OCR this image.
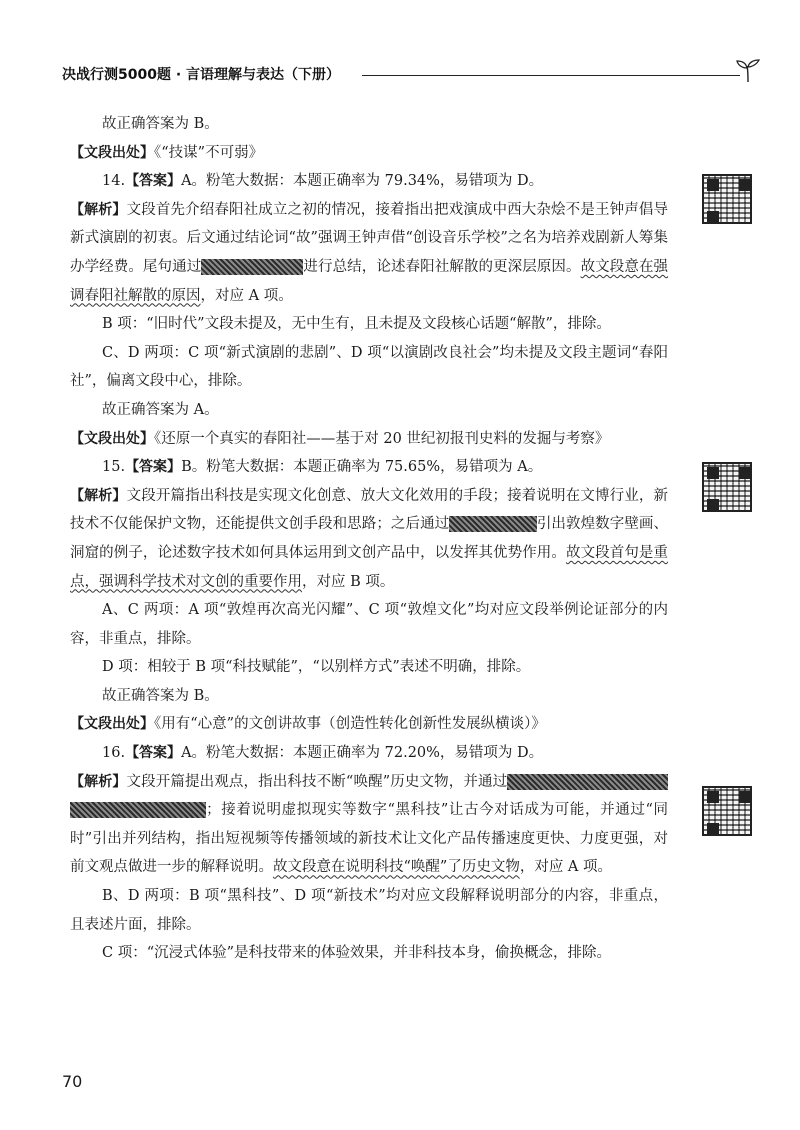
决战行测5000题 · 言语理解与表达（下册）

故正确答案为 B。

【文段出处】《“技谋”不可弱》

14.【答案】A。粉笔大数据：本题正确率为 79.34%，易错项为 D。

【解析】文段首先介绍春阳社成立之初的情况，接着指出把戏演成中西大杂烩不是王钟声倡导新式演剧的初衷。后文通过结论词“故”强调王钟声借“创设音乐学校”之名为培养戏剧新人筹集办学经费。尾句通过	进行总结，论述春阳社解散的更深层原因。故文段意在强调春阳社解散的原因，对应 A 项。

B 项：“旧时代”文段未提及，无中生有，且未提及文段核心话题“解散”，排除。

C、D 两项：C 项“新式演剧的悲剧”、D 项“以演剧改良社会”均未提及文段主题词“春阳社”，偏离文段中心，排除。

故正确答案为 A。

【文段出处】《还原一个真实的春阳社——基于对 20 世纪初报刊史料的发掘与考察》

15.【答案】B。粉笔大数据：本题正确率为 75.65%，易错项为 A。

【解析】文段开篇指出科技是实现文化创意、放大文化效用的手段；接着说明在文博行业，新技术不仅能保护文物，还能提供文创手段和思路；之后通过	引出敦煌数字壁画、洞窟的例子，论述数字技术如何具体运用到文创产品中，以发挥其优势作用。故文段首句是重点，强调科学技术对文创的重要作用，对应 B 项。

A、C 两项：A 项“敦煌再次高光闪耀”、C 项“敦煌文化”均对应文段举例论证部分的内容，非重点，排除。

D 项：相较于 B 项“科技赋能”，“以别样方式”表述不明确，排除。

故正确答案为 B。

【文段出处】《用有“心意”的文创讲故事（创造性转化创新性发展纵横谈）》

16.【答案】A。粉笔大数据：本题正确率为 72.20%，易错项为 D。

【解析】文段开篇提出观点，指出科技不断“唤醒”历史文物，并通过；接着说明虚拟现实等数字“黑科技”让古今对话成为可能，并通过“同时”引出并列结构，指出短视频等传播领域的新技术让文化产品传播速度更快、力度更强，对前文观点做进一步的解释说明。故文段意在说明科技“唤醒”了历史文物，对应 A 项。

B、D 两项：B 项“黑科技”、D 项“新技术”均对应文段解释说明部分的内容，非重点，且表述片面，排除。

C 项：“沉浸式体验”是科技带来的体验效果，并非科技本身，偷换概念，排除。

70
